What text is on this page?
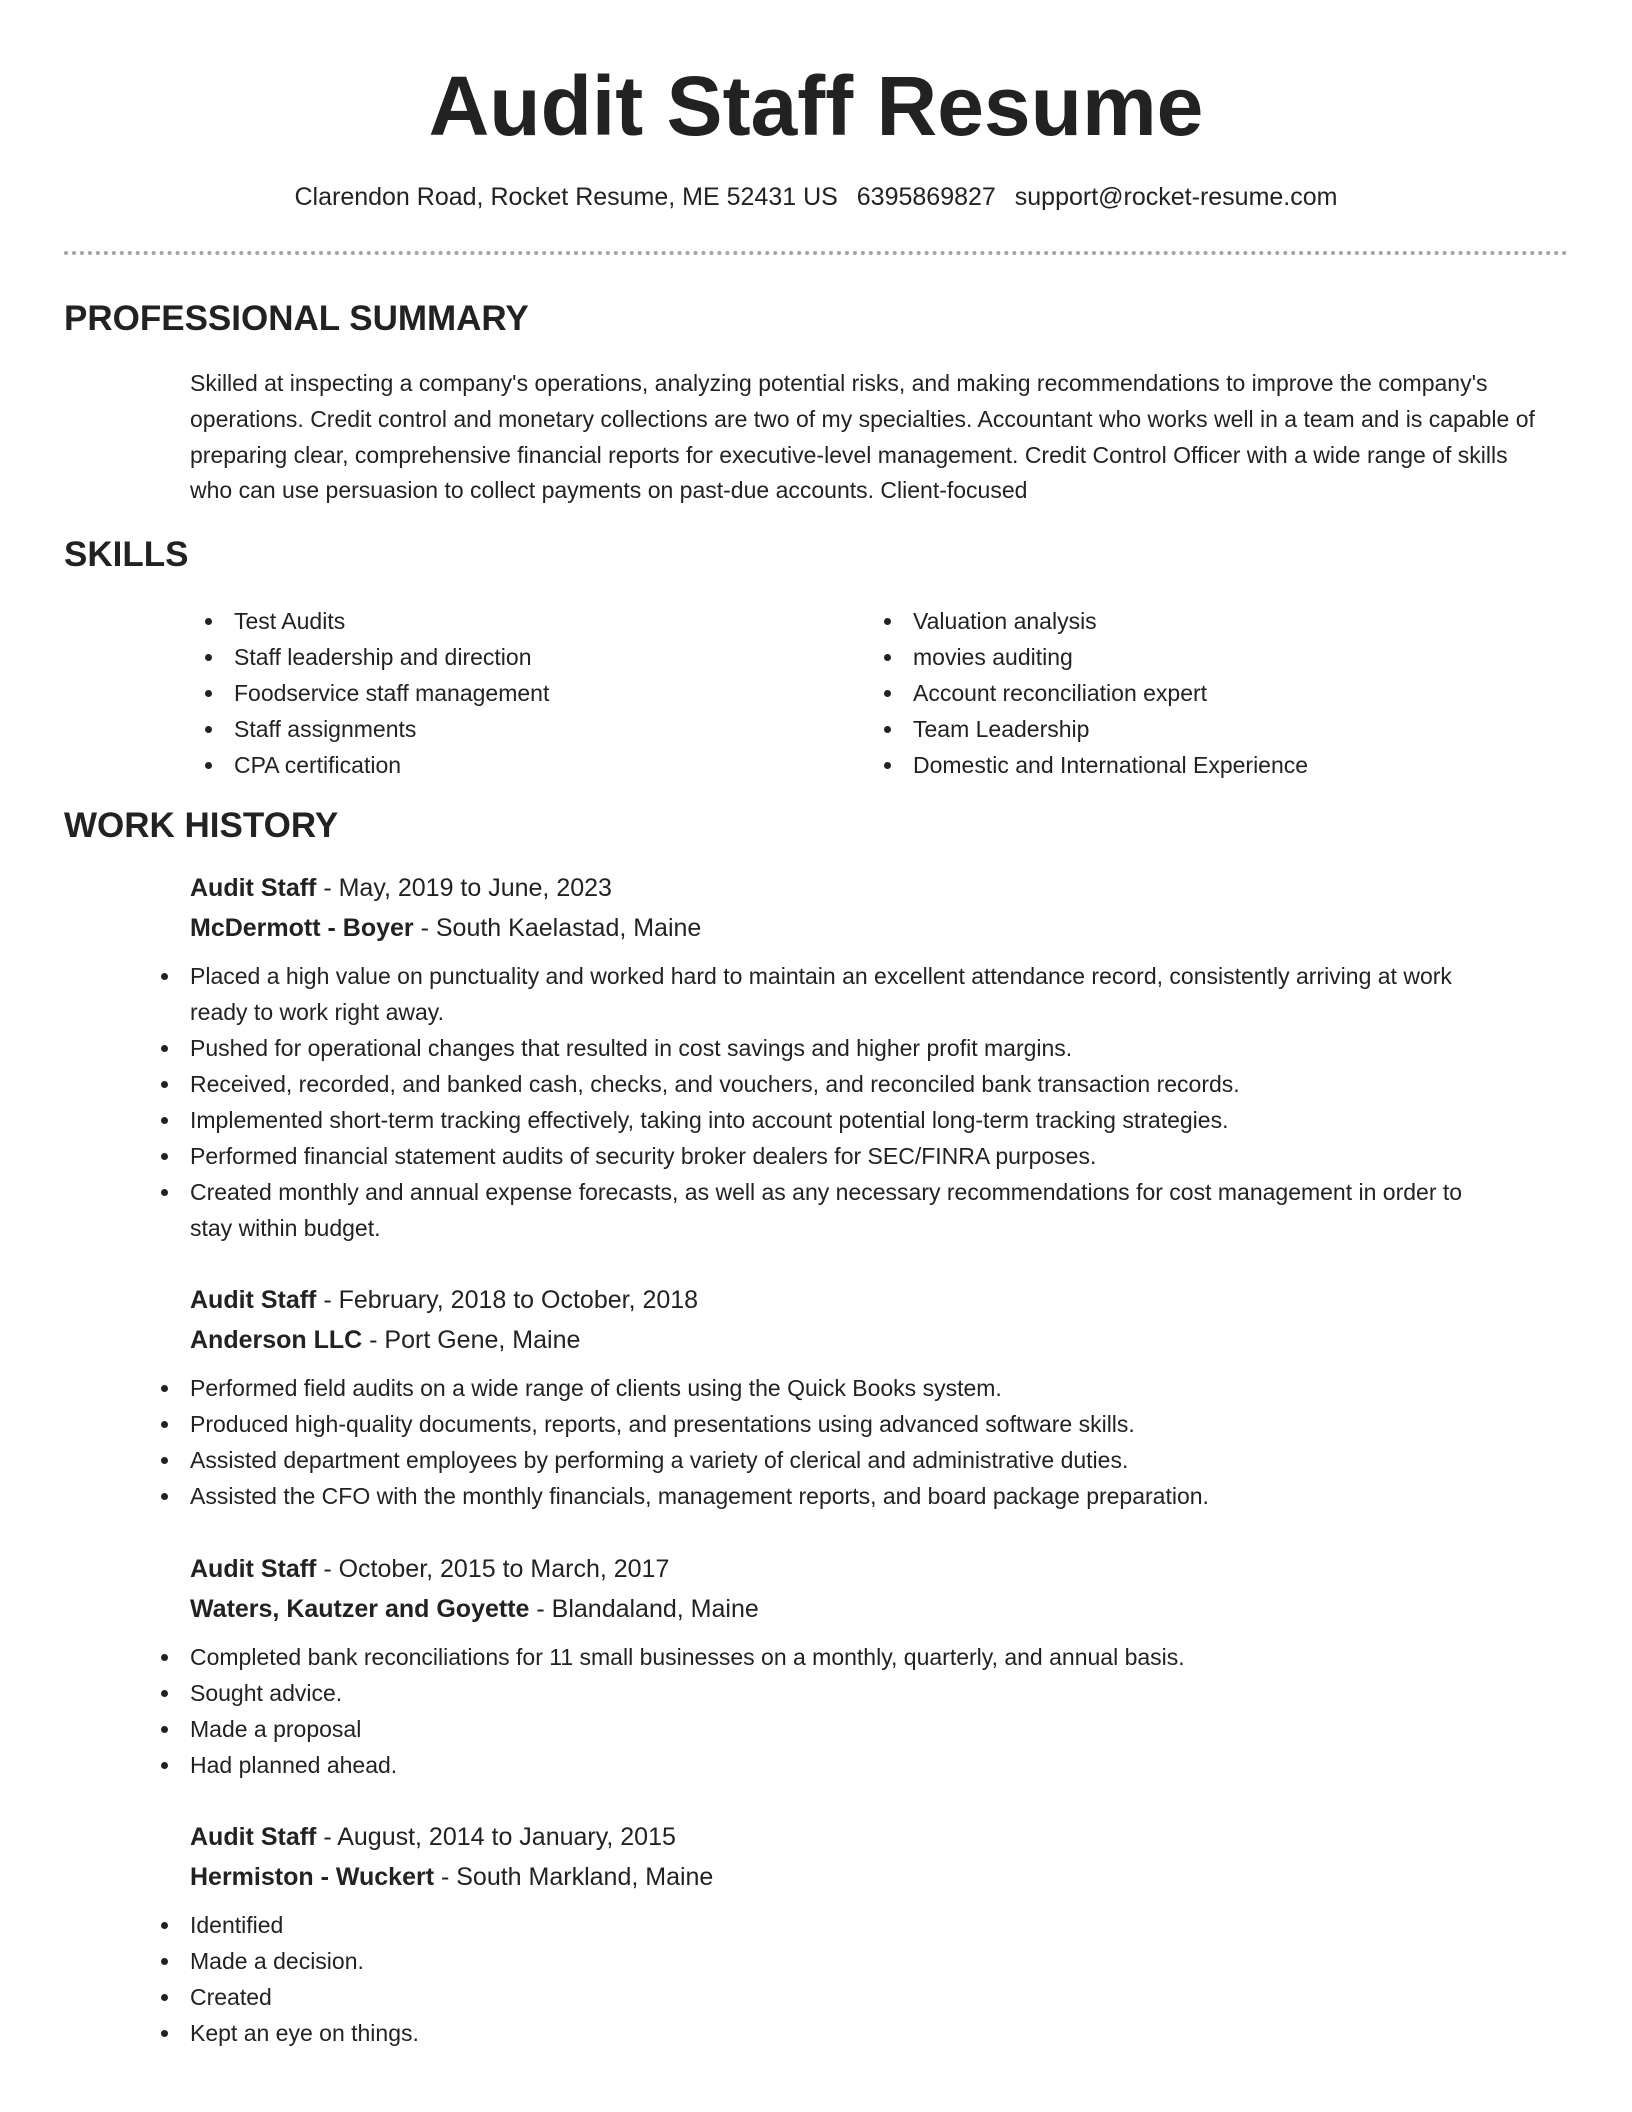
Audit Staff Resume
Clarendon Road, Rocket Resume, ME 52431 US 6395869827 support@rocket-resume.com
PROFESSIONAL SUMMARY

Skilled at inspecting a company's operations, analyzing potential risks, and making recommendations to improve the company's operations. Credit control and monetary collections are two of my specialties. Accountant who works well in a team and is capable of preparing clear, comprehensive financial reports for executive-level management. Credit Control Officer with a wide range of skills who can use persuasion to collect payments on past-due accounts. Client-focused

SKILLS
Test Audits
Staff leadership and direction
Foodservice staff management
Staff assignments
CPA certification
Valuation analysis
movies auditing
Account reconciliation expert
Team Leadership
Domestic and International Experience
WORK HISTORY
Audit Staff - May, 2019 to June, 2023
McDermott - Boyer - South Kaelastad, Maine
Placed a high value on punctuality and worked hard to maintain an excellent attendance record, consistently arriving at work ready to work right away.
Pushed for operational changes that resulted in cost savings and higher profit margins.
Received, recorded, and banked cash, checks, and vouchers, and reconciled bank transaction records.
Implemented short-term tracking effectively, taking into account potential long-term tracking strategies.
Performed financial statement audits of security broker dealers for SEC/FINRA purposes.
Created monthly and annual expense forecasts, as well as any necessary recommendations for cost management in order to stay within budget.
Audit Staff - February, 2018 to October, 2018
Anderson LLC - Port Gene, Maine
Performed field audits on a wide range of clients using the Quick Books system.
Produced high-quality documents, reports, and presentations using advanced software skills.
Assisted department employees by performing a variety of clerical and administrative duties.
Assisted the CFO with the monthly financials, management reports, and board package preparation.
Audit Staff - October, 2015 to March, 2017
Waters, Kautzer and Goyette - Blandaland, Maine
Completed bank reconciliations for 11 small businesses on a monthly, quarterly, and annual basis.
Sought advice.
Made a proposal
Had planned ahead.
Audit Staff - August, 2014 to January, 2015
Hermiston - Wuckert - South Markland, Maine
Identified
Made a decision.
Created
Kept an eye on things.
